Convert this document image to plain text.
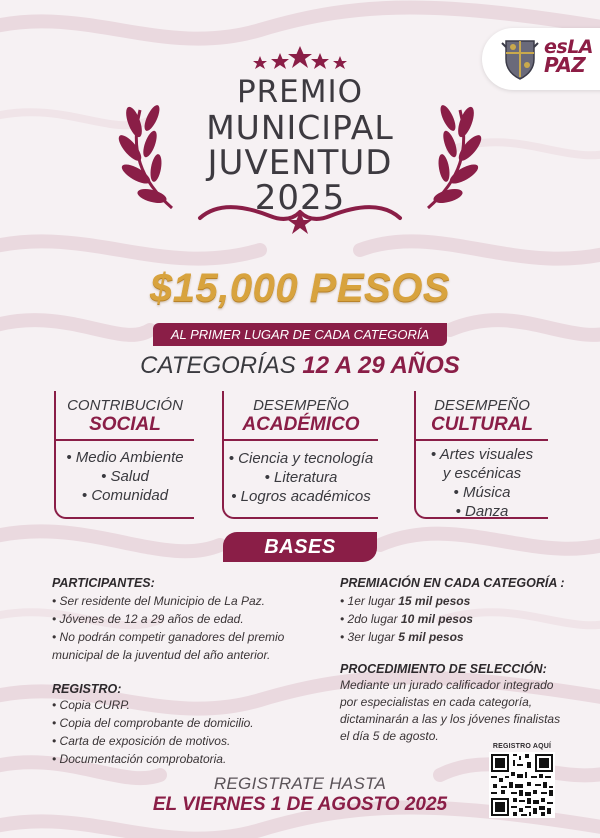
esLA
PAZ
PREMIO
MUNICIPAL
JUVENTUD
2025
$15,000 PESOS
AL PRIMER LUGAR DE CADA CATEGORÍA
CATEGORÍAS 12 A 29 AÑOS
CONTRIBUCIÓN
SOCIAL
• Medio Ambiente
• Salud
• Comunidad
DESEMPEÑO
ACADÉMICO
• Ciencia y tecnología
• Literatura
• Logros académicos
DESEMPEÑO
CULTURAL
• Artes visuales
y escénicas
• Música
• Danza
BASES
PARTICIPANTES:
• Ser residente del Municipio de La Paz.
• Jóvenes de 12 a 29 años de edad.
• No podrán competir ganadores del premio
municipal de la juventud del año anterior.
REGISTRO:
• Copia CURP.
• Copia del comprobante de domicilio.
• Carta de exposición de motivos.
• Documentación comprobatoria.
PREMIACIÓN EN CADA CATEGORÍA :
• 1er lugar 15 mil pesos
• 2do lugar 10 mil pesos
• 3er lugar 5 mil pesos
PROCEDIMIENTO DE SELECCIÓN:
Mediante un jurado calificador integrado
por especialistas en cada categoría,
dictaminarán a las y los jóvenes finalistas
el día 5 de agosto.
REGISTRO AQUÍ
REGISTRATE HASTA
EL VIERNES 1 DE AGOSTO 2025
